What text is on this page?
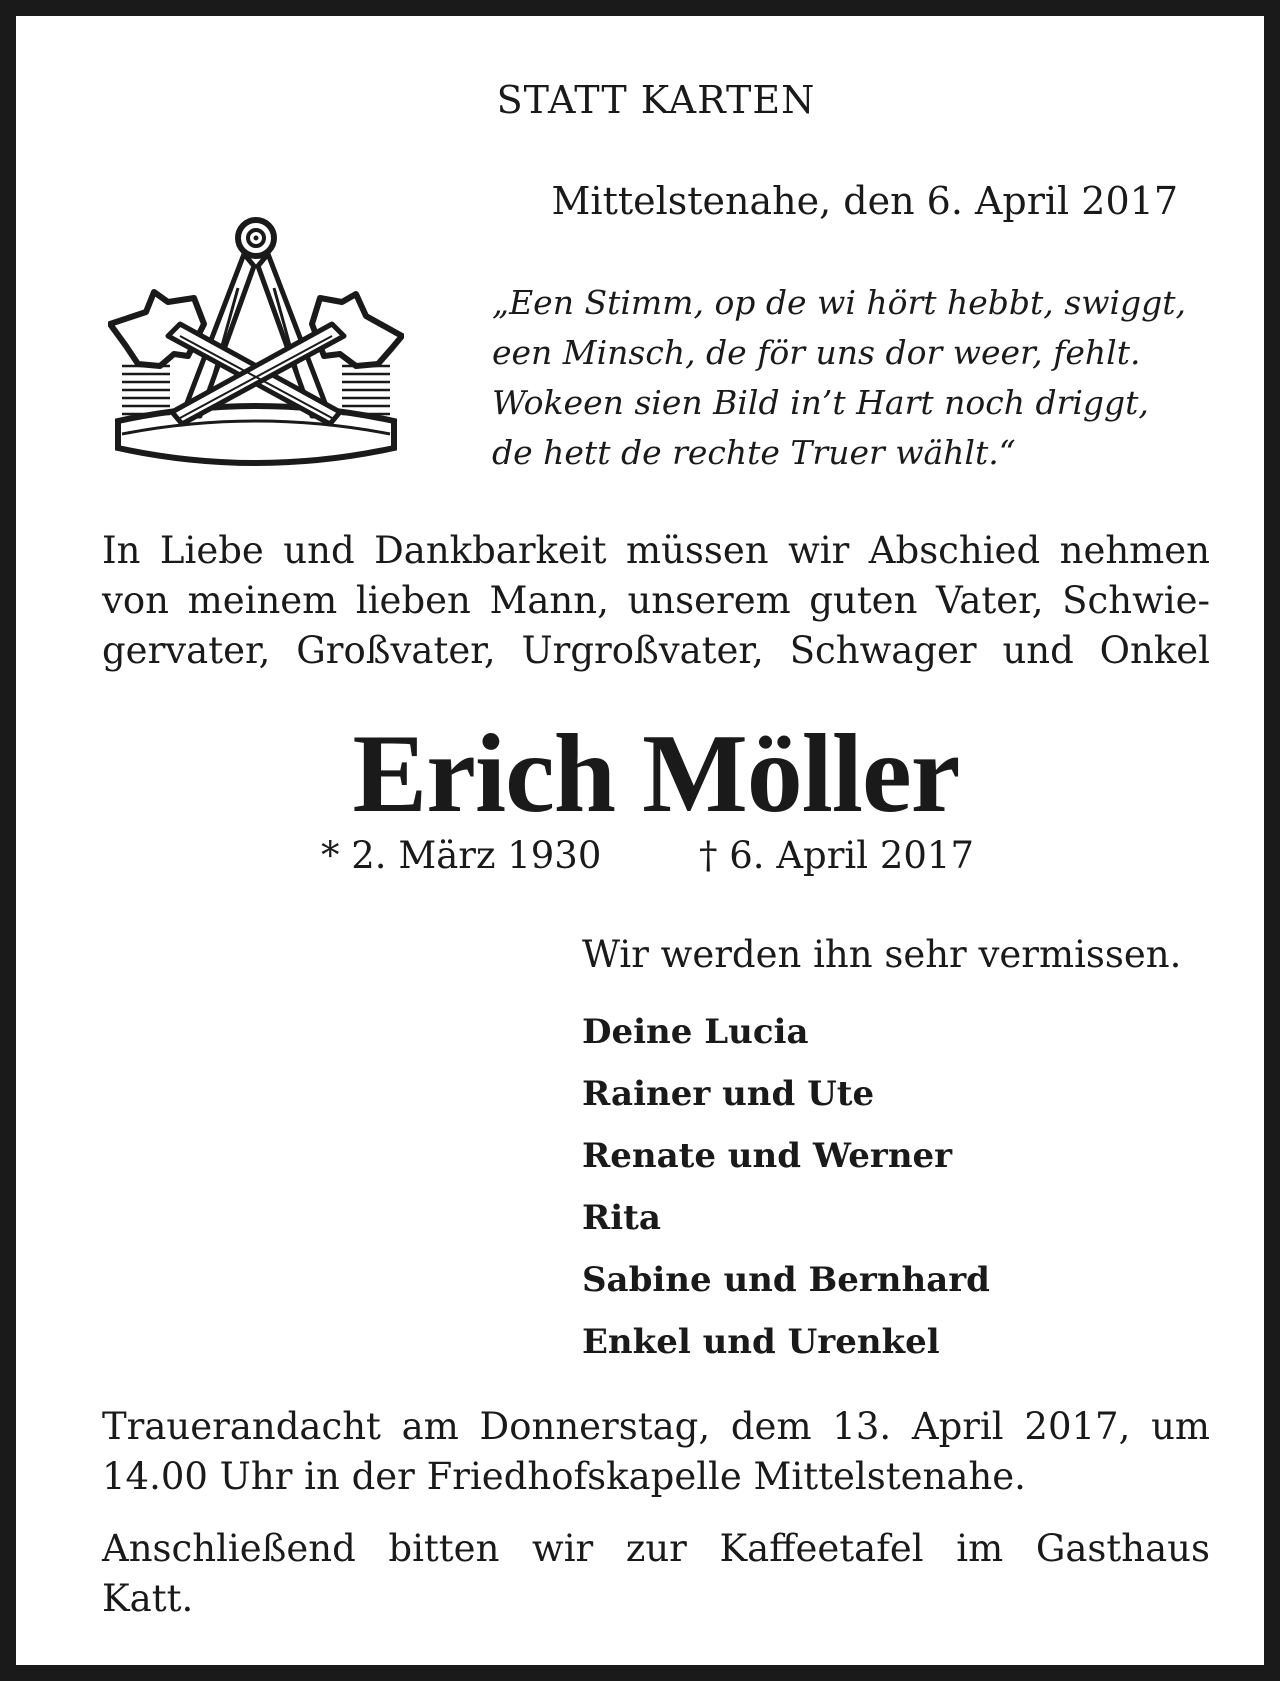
STATT KARTEN

Mittelstenahe, den 6. April 2017

„Een Stimm, op de wi hört hebbt, swiggt,
een Minsch, de för uns dor weer, fehlt.
Wokeen sien Bild in’t Hart noch driggt,
de hett de rechte Truer wählt.“
In Liebe und Dankbarkeit müssen wir Abschied nehmen
von meinem lieben Mann, unserem guten Vater, Schwie-
gervater, Großvater, Urgroßvater, Schwager und Onkel

Erich Möller

* 2. März 1930	† 6. April 2017

Wir werden ihn sehr vermissen.

Deine Lucia
Rainer und Ute
Renate und Werner
Rita
Sabine und Bernhard
Enkel und Urenkel
Trauerandacht am Donnerstag, dem 13. April 2017, um
14.00 Uhr in der Friedhofskapelle Mittelstenahe.
Anschließend bitten wir zur Kaffeetafel im Gasthaus
Katt.
